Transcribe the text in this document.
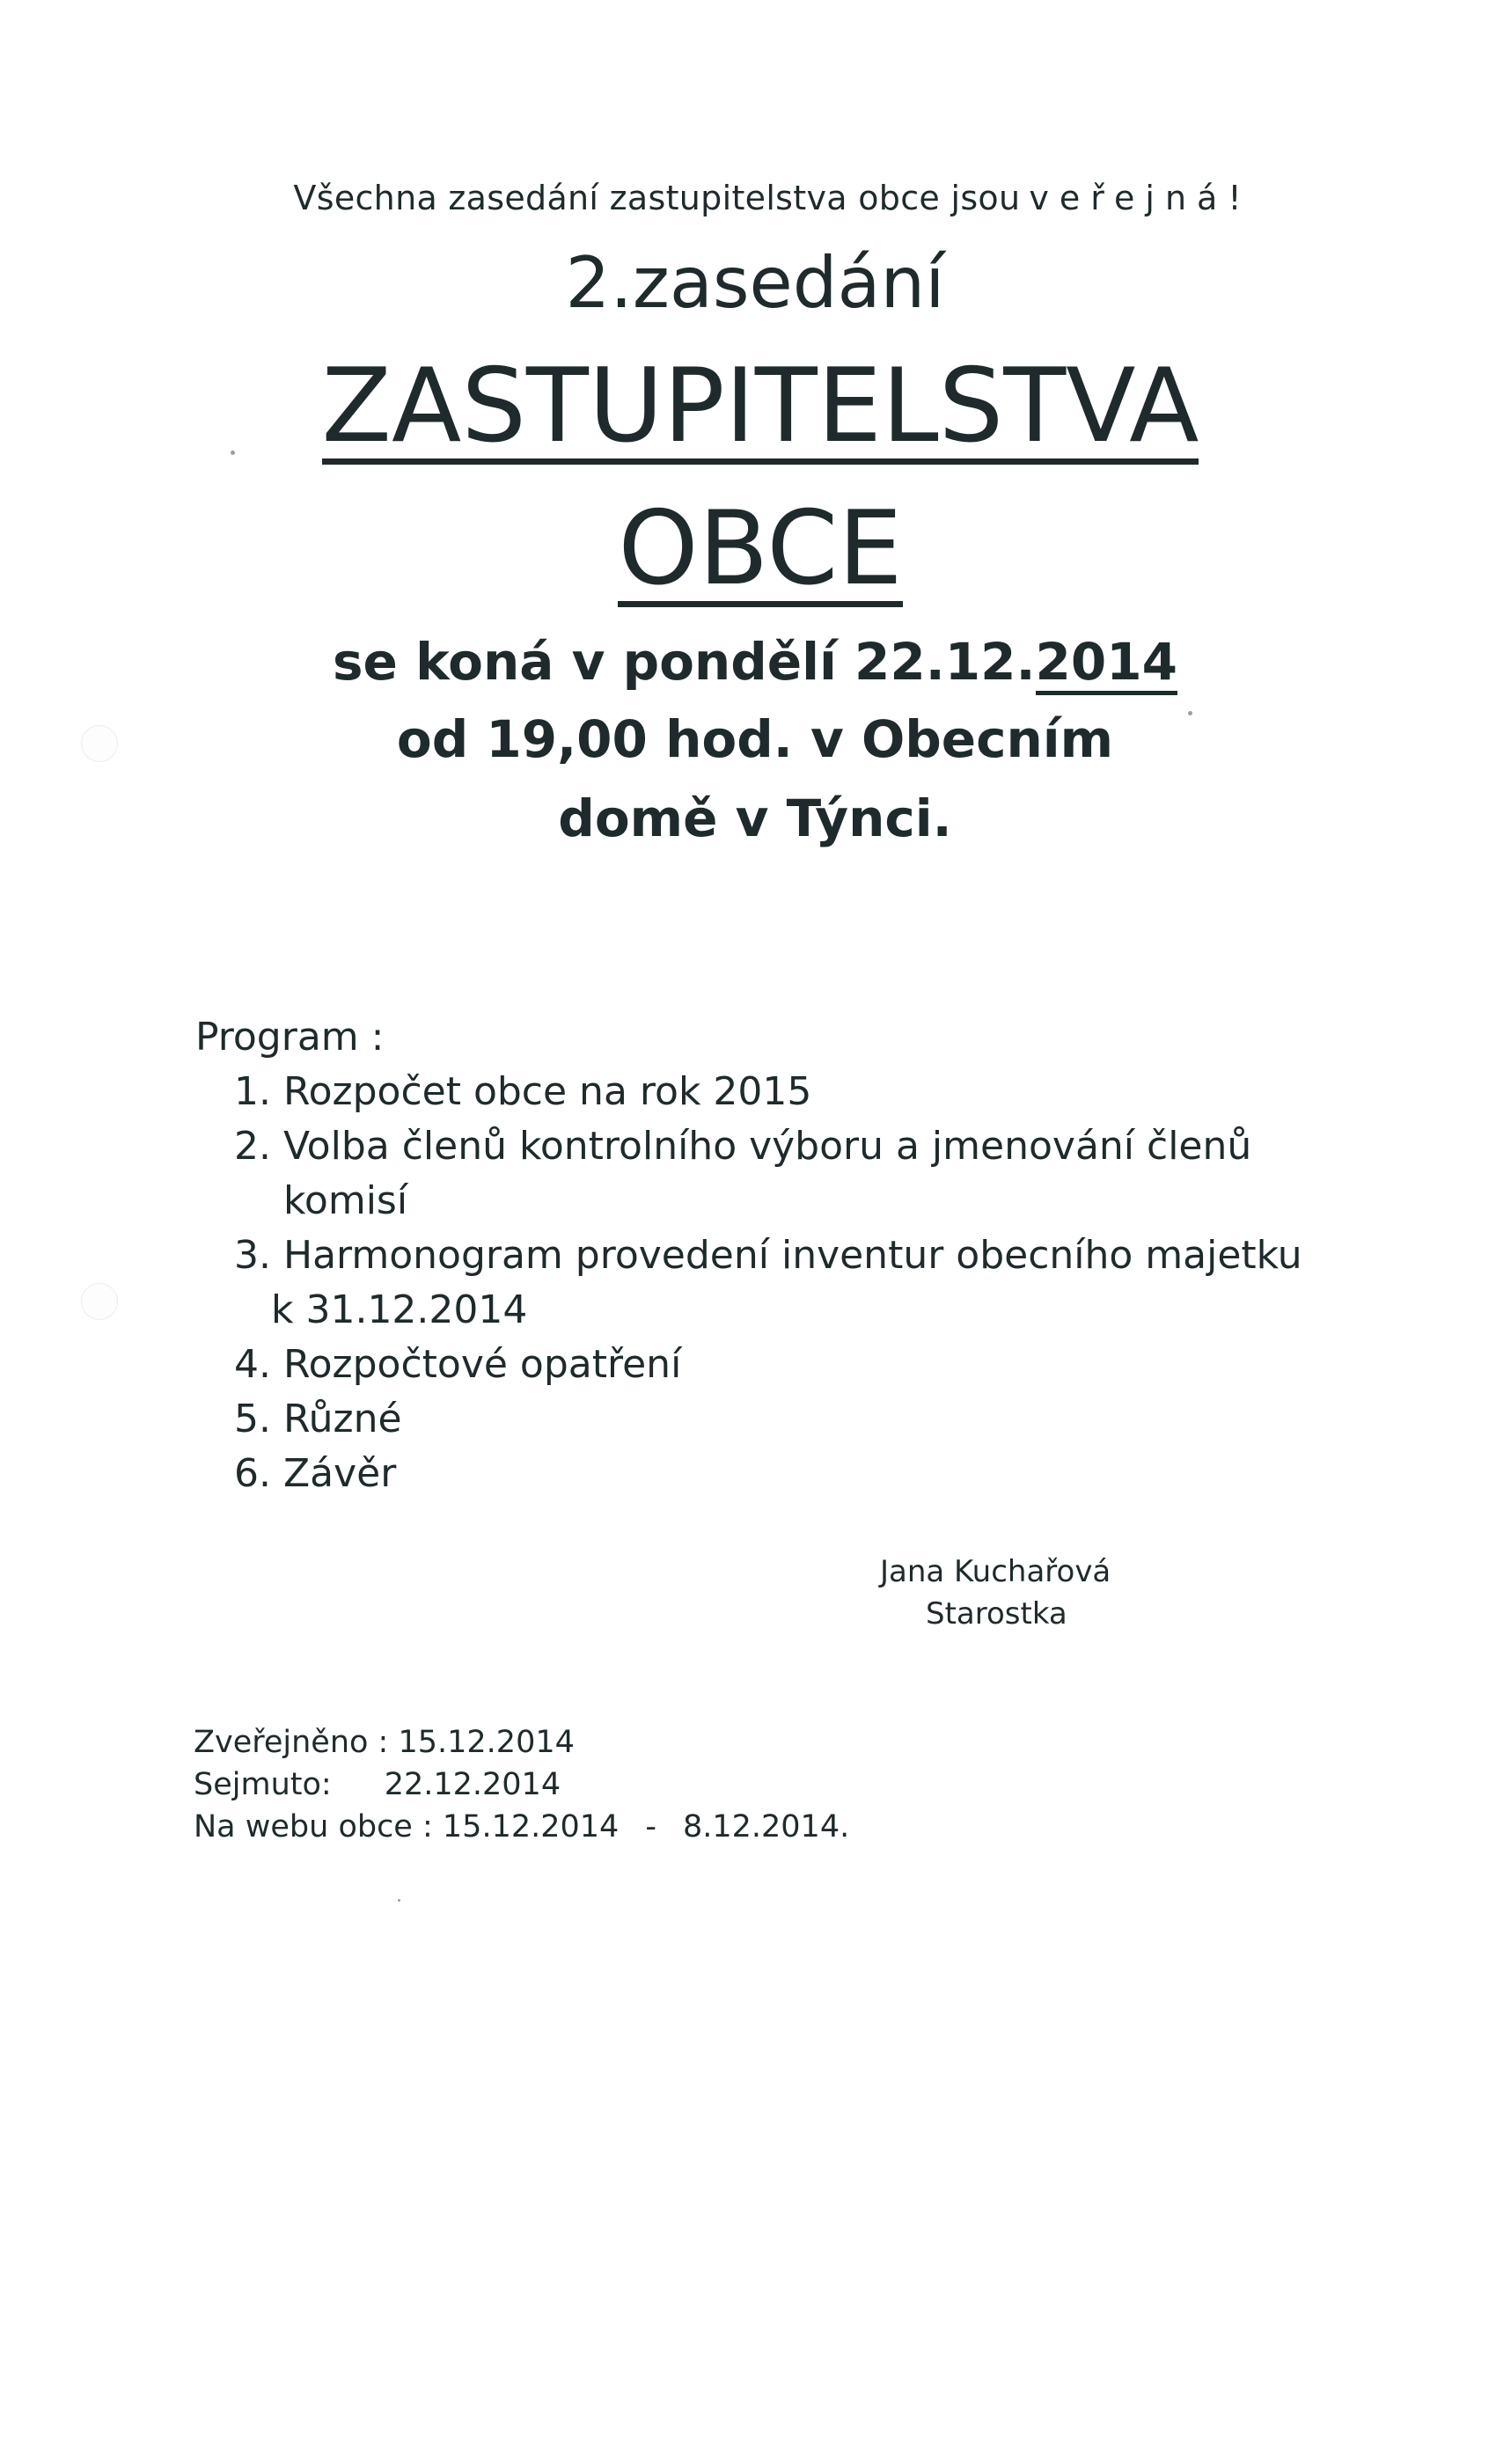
Všechna zasedání zastupitelstva obce jsou veřejná!

2.zasedání

ZASTUPITELSTVA

OBCE

se koná v pondělí 22.12.2014

od 19,00 hod. v Obecním

domě v Týnci.

Program :

1. Rozpočet obce na rok 2015
2. Volba členů kontrolního výboru a jmenování členů
komisí
3. Harmonogram provedení inventur obecního majetku
k 31.12.2014
4. Rozpočtové opatření
5. Různé
6. Závěr
Jana Kuchařová
Starostka
Zveřejněno : 15.12.2014
Sejmuto: 22.12.2014
Na webu obce : 15.12.2014 - 8.12.2014.
